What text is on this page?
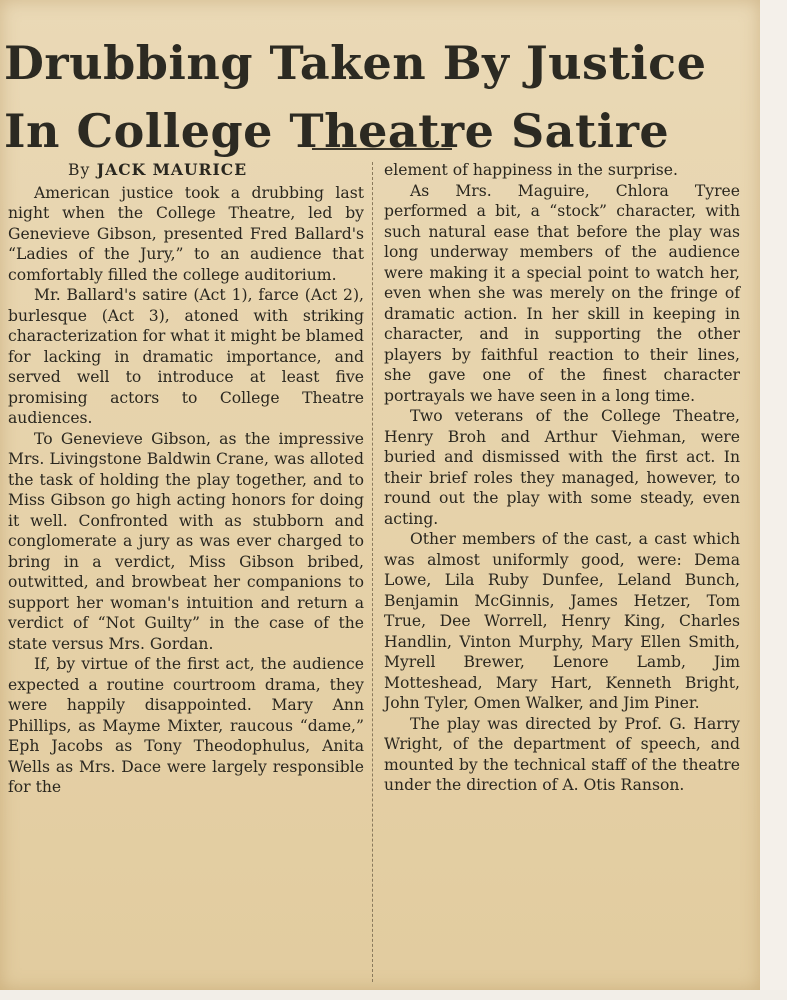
Drubbing Taken By Justice
In College Theatre Satire
By JACK MAURICE

American justice took a drubbing last night when the College Theatre, led by Genevieve Gibson, presented Fred Ballard's “Ladies of the Jury,” to an audience that comfortably filled the college auditorium.

Mr. Ballard's satire (Act 1), farce (Act 2), burlesque (Act 3), atoned with striking characterization for what it might be blamed for lacking in dramatic importance, and served well to introduce at least five promising actors to College Theatre audiences.

To Genevieve Gibson, as the impressive Mrs. Livingstone Baldwin Crane, was alloted the task of holding the play together, and to Miss Gibson go high acting honors for doing it well. Confronted with as stubborn and conglomerate a jury as was ever charged to bring in a verdict, Miss Gibson bribed, outwitted, and browbeat her companions to support her woman's intuition and return a verdict of “Not Guilty” in the case of the state versus Mrs. Gordan.

If, by virtue of the first act, the audience expected a routine courtroom drama, they were happily disappointed. Mary Ann Phillips, as Mayme Mixter, raucous “dame,” Eph Jacobs as Tony Theodophulus, Anita Wells as Mrs. Dace were largely responsible for the

element of happiness in the surprise.

As Mrs. Maguire, Chlora Tyree performed a bit, a “stock” character, with such natural ease that before the play was long underway members of the audience were making it a special point to watch her, even when she was merely on the fringe of dramatic action. In her skill in keeping in character, and in supporting the other players by faithful reaction to their lines, she gave one of the finest character portrayals we have seen in a long time.

Two veterans of the College Theatre, Henry Broh and Arthur Viehman, were buried and dismissed with the first act. In their brief roles they managed, however, to round out the play with some steady, even acting.

Other members of the cast, a cast which was almost uniformly good, were: Dema Lowe, Lila Ruby Dunfee, Leland Bunch, Benjamin McGinnis, James Hetzer, Tom True, Dee Worrell, Henry King, Charles Handlin, Vinton Murphy, Mary Ellen Smith, Myrell Brewer, Lenore Lamb, Jim Motteshead, Mary Hart, Kenneth Bright, John Tyler, Omen Walker, and Jim Piner.

The play was directed by Prof. G. Harry Wright, of the department of speech, and mounted by the technical staff of the theatre under the direction of A. Otis Ranson.
